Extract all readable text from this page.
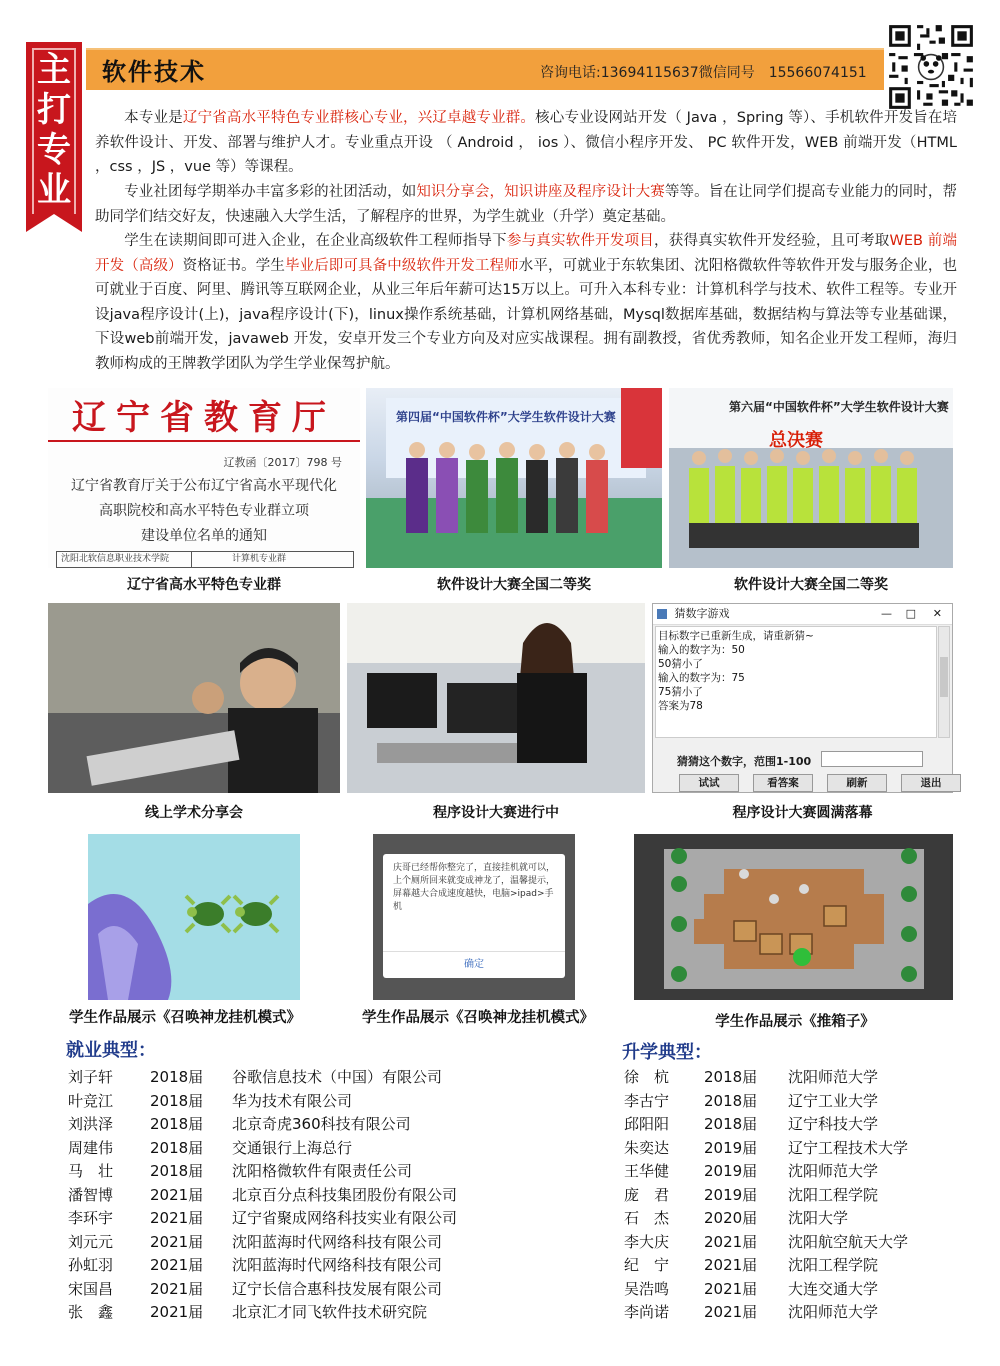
主打专业
软件技术	咨询电话:13694115637微信同号　15566074151
本专业是辽宁省高水平特色专业群核心专业，兴辽卓越专业群。核心专业设网站开发（ Java ，Spring 等）、手机软件开发旨在培养软件设计、开发、部署与维护人才。专业重点开设 （ Android ， ios ）、微信小程序开发、 PC 软件开发，WEB 前端开发（HTML ，css ，JS ，vue 等）等课程。
专业社团每学期举办丰富多彩的社团活动，如知识分享会，知识讲座及程序设计大赛等等。旨在让同学们提高专业能力的同时，帮助同学们结交好友，快速融入大学生活，了解程序的世界，为学生就业（升学）奠定基础。
学生在读期间即可进入企业，在企业高级软件工程师指导下参与真实软件开发项目，获得真实软件开发经验，且可考取WEB 前端开发（高级）资格证书。学生毕业后即可具备中级软件开发工程师水平，可就业于东软集团、沈阳格微软件等软件开发与服务企业，也可就业于百度、阿里、腾讯等互联网企业，从业三年后年薪可达15万以上。可升入本科专业：计算机科学与技术、软件工程等。专业开设java程序设计(上)，java程序设计(下)，linux操作系统基础，计算机网络基础，Mysql数据库基础，数据结构与算法等专业基础课，下设web前端开发，javaweb 开发，安卓开发三个专业方向及对应实战课程。拥有副教授，省优秀教师，知名企业开发工程师，海归教师构成的王牌教学团队为学生学业保驾护航。
辽宁省教育厅
辽教函〔2017〕798 号
辽宁省教育厅关于公布辽宁省高水平现代化
高职院校和高水平特色专业群立项
建设单位名单的通知
沈阳北软信息职业技术学院	计算机专业群
第四届“中国软件杯”大学生软件设计大赛
第六届“中国软件杯”大学生软件设计大赛
总决赛
辽宁省高水平特色专业群	软件设计大赛全国二等奖	软件设计大赛全国二等奖
猜数字游戏	— □ ✕
目标数字已重新生成，请重新猜~
输入的数字为：50
50猜小了
输入的数字为：75
75猜小了
答案为78
猜猜这个数字，范围1-100
试试	看答案	刷新	退出
线上学术分享会	程序设计大赛进行中	程序设计大赛圆满落幕
庆哥已经帮你整完了，直接挂机就可以，上个厕所回来就变成神龙了，温馨提示，屏幕越大合成速度越快，电脑>ipad>手机
确定
学生作品展示《召唤神龙挂机模式》	学生作品展示《召唤神龙挂机模式》	学生作品展示《推箱子》
就业典型：
刘子轩 2018届 谷歌信息技术（中国）有限公司
叶竞江 2018届 华为技术有限公司
刘洪泽 2018届 北京奇虎360科技有限公司
周建伟 2018届 交通银行上海总行
马　壮 2018届 沈阳格微软件有限责任公司
潘智博 2021届 北京百分点科技集团股份有限公司
李环宇 2021届 辽宁省聚成网络科技实业有限公司
刘元元 2021届 沈阳蓝海时代网络科技有限公司
孙虹羽 2021届 沈阳蓝海时代网络科技有限公司
宋国昌 2021届 辽宁长信合惠科技发展有限公司
张　鑫 2021届 北京汇才同飞软件技术研究院
升学典型：
徐　杭 2018届 沈阳师范大学
李古宁 2018届 辽宁工业大学
邱阳阳 2018届 辽宁科技大学
朱奕达 2019届 辽宁工程技术大学
王华健 2019届 沈阳师范大学
庞　君 2019届 沈阳工程学院
石　杰 2020届 沈阳大学
李大庆 2021届 沈阳航空航天大学
纪　宁 2021届 沈阳工程学院
吴浩鸣 2021届 大连交通大学
李尚诺 2021届 沈阳师范大学
